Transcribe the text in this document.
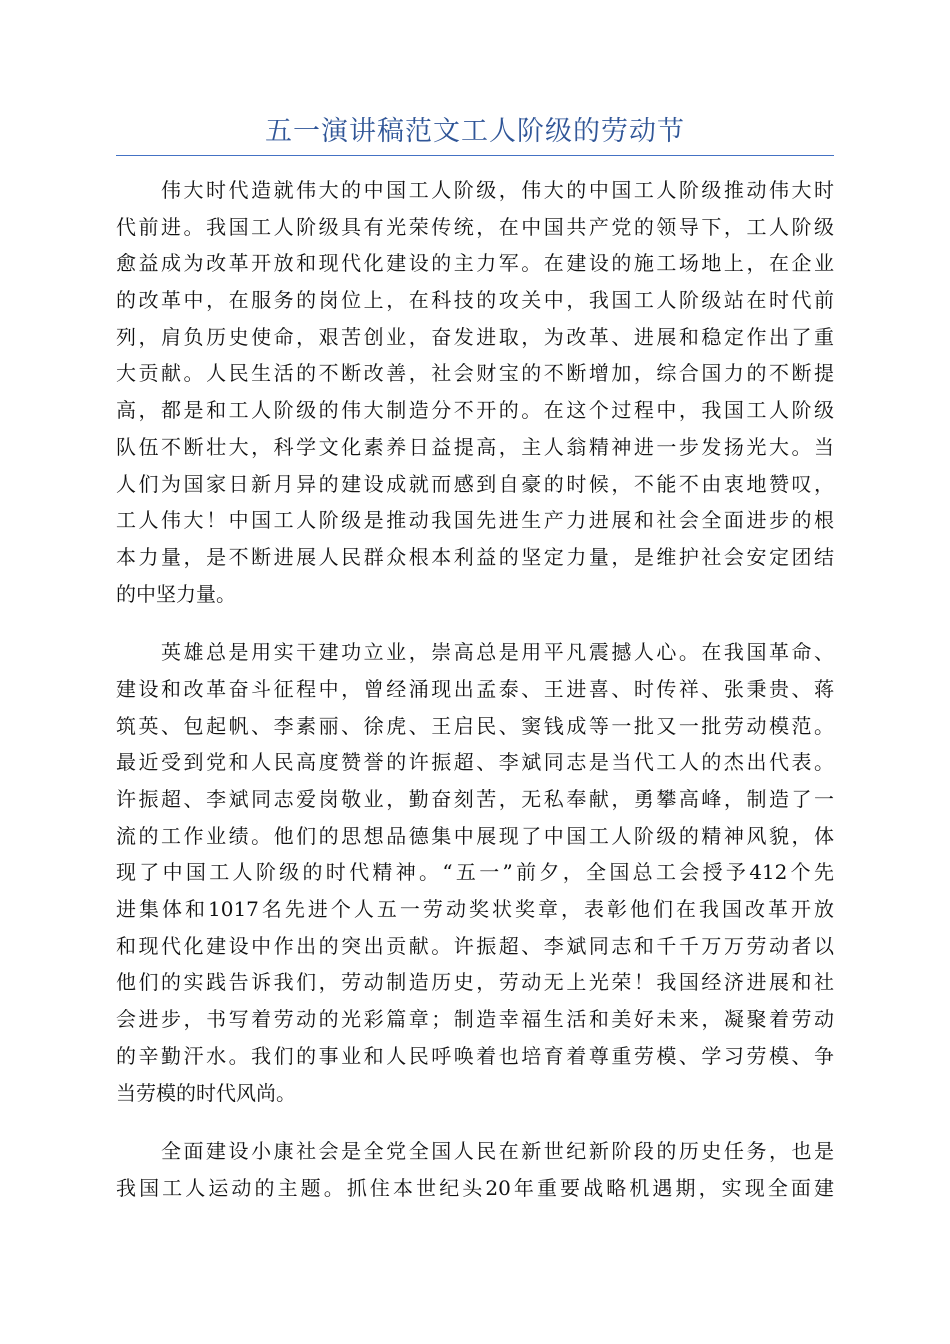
五一演讲稿范文工人阶级的劳动节
伟大时代造就伟大的中国工人阶级，伟大的中国工人阶级推动伟大时
代前进。我国工人阶级具有光荣传统，在中国共产党的领导下，工人阶级
愈益成为改革开放和现代化建设的主力军。在建设的施工场地上，在企业
的改革中，在服务的岗位上，在科技的攻关中，我国工人阶级站在时代前
列，肩负历史使命，艰苦创业，奋发进取，为改革、进展和稳定作出了重
大贡献。人民生活的不断改善，社会财宝的不断增加，综合国力的不断提
高，都是和工人阶级的伟大制造分不开的。在这个过程中，我国工人阶级
队伍不断壮大，科学文化素养日益提高，主人翁精神进一步发扬光大。当
人们为国家日新月异的建设成就而感到自豪的时候，不能不由衷地赞叹，
工人伟大！中国工人阶级是推动我国先进生产力进展和社会全面进步的根
本力量，是不断进展人民群众根本利益的坚定力量，是维护社会安定团结
的中坚力量。
英雄总是用实干建功立业，崇高总是用平凡震撼人心。在我国革命、
建设和改革奋斗征程中，曾经涌现出孟泰、王进喜、时传祥、张秉贵、蒋
筑英、包起帆、李素丽、徐虎、王启民、窦钱成等一批又一批劳动模范。
最近受到党和人民高度赞誉的许振超、李斌同志是当代工人的杰出代表。
许振超、李斌同志爱岗敬业，勤奋刻苦，无私奉献，勇攀高峰，制造了一
流的工作业绩。他们的思想品德集中展现了中国工人阶级的精神风貌，体
现了中国工人阶级的时代精神。“五一”前夕，全国总工会授予412个先
进集体和1017名先进个人五一劳动奖状奖章，表彰他们在我国改革开放
和现代化建设中作出的突出贡献。许振超、李斌同志和千千万万劳动者以
他们的实践告诉我们，劳动制造历史，劳动无上光荣！我国经济进展和社
会进步，书写着劳动的光彩篇章；制造幸福生活和美好未来，凝聚着劳动
的辛勤汗水。我们的事业和人民呼唤着也培育着尊重劳模、学习劳模、争
当劳模的时代风尚。
全面建设小康社会是全党全国人民在新世纪新阶段的历史任务，也是
我国工人运动的主题。抓住本世纪头20年重要战略机遇期，实现全面建
